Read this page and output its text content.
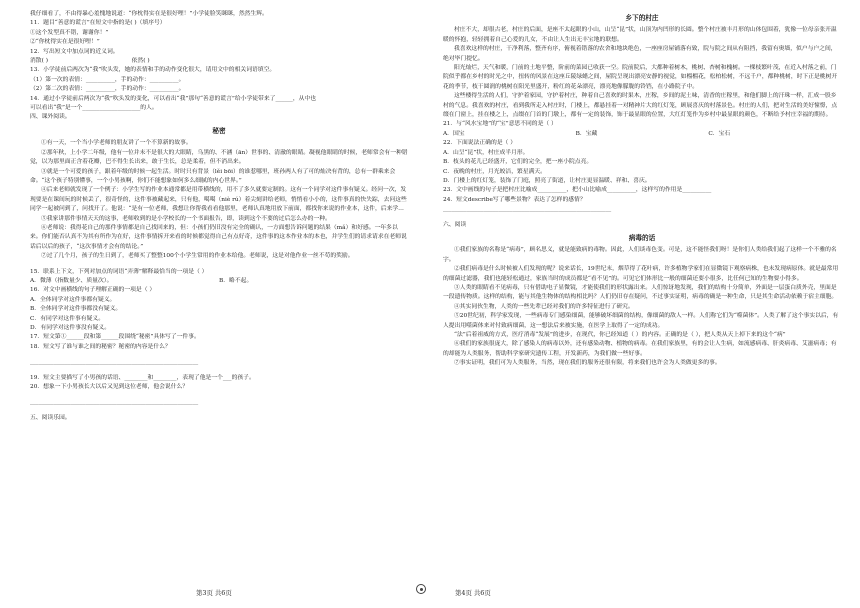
我仔细看了，不由得暴心羞愧地说道：“你枕得实在是很好哩！”小学徒脸笑眯眯，然然生辉。

11．题目“善意的谎言”在短文中指的是( )（填序号）

①这个发型真不错，谢谢你！”

②“你枕得实在是很好哩！”

12．写出短文中加点词的近义词。

消散( )	依然( )

13．小学徒前后两次为“我”吹头发，她的表情和手的动作变化很大，请用文中的相关词语填空。

（1）第一次的表情：__________，手的动作：__________。

（2）第二次的表情：__________，手的动作：__________。

14．通过小学徒前后两次为“我”吹头发的变化，可以看出“我”那句“善意的谎言”给小学徒带来了______，从中也

可以看出“我”是一个____________________的人。

四、课外阅读。

秘密

①有一天，一个当小学老师的朋友讲了一个不算新的故事。

②那年秋，上小学二年级，他有一位并未不是很大的大眼睛，乌黑的、不涵（ān）世事的、清澈的眼睛。凝视他眼睛的时候，老师常会有一种错觉，以为那里面正含着花瓣，巴不得生长出来，敢于生长，总是柔着，但不消出来。

③就是一个可爱的孩子，跟着年级的时候一起生活。时时只有背景（lěi bōi）的谁惹哪里，班孙两人有了可的灿决有背的，总有一群乘来会命。“这个孩子特别懂事，一个小男孩啊，你们不能想象如何多么细腻的内心世界。”

④后来老师就发现了一个例子：小学生写的作业本通常都是用带横线的，用不了多久就要定制的。这有一个同学对这件事有疑义。经问一次，发现要是在课间玩的时候丢了，很奇怪的，这件事被藏起来，只有他，噶噶（niè rú）着尖刻讲给老师，悄悄看小小的，这件事真的快失踪，去问这些同学一起被问到了，问找开了。他说：“是有一位老师，我想让你帮我看看他那里，老师认真地用放下前面，都找你来说的作业本，这件，后来学生

⑤我家讲那件事情天天的这事，老师收到的是小学校长的一个书面报告，即，读到这个不要的过后怎么办的一种。

⑥老师说：我得花自己的那件事情都是自己找回来的，但：小孩们仍旧没有完全的确认，一方面想告诉问题的结果（mǎ）和好感。一年多以来。你们能否认真不为其有所作为在好，这件事情拆开来看的时候都觉得自己有点好奇，这件事的这本作业本的本也，并学生们的请求请求在老师说话后以后的孩子，“这次事情才会有的结论。”

⑦过了几个月，孩子的生日到了，老师买了整整100个小学生常用的作业本给他。老师说，这是对他作业一丝不苟的奖励。

15．联系上下文，下列对加点的词语“弄薄”解释最恰当的一项是（ ）

A．微薄（指数量少、质量次）。	B．略不起。

16．对文中画横线的句子理解正确的一项是（ ）

A．全体同学对这件事都有疑义。

B．全体同学对这件事都没有疑义。

C．有同学对这件事有疑义。

D．有同学对这件事没有疑义。

17．短文第①______段和第______段围绕“秘密”具体写了一件事。

18．短文写了谁与谁之间的秘密？秘密的内容是什么？

__________________________________________________________

19．短文主要描写了小男孩的话语、________和________，表现了他是一个___的孩子。

20．想象一下小男孩长大以后又见到这位老师，他会说什么？

__________________________________________________________

五、阅读乐园。

乡下的村庄

村庄不大，却很古老，村庄的后面，是座不太起眼的小山，山呈“昆”状，山顶为内凹形的长圆。整个村庄被丰月形的山体包围着，犹像一位母亲张开温暖的怀抱，轻轻拥着自己心爱的儿女，不由让人生出无丰宝地的联想。

我喜欢这样的村庄，干净利落，整齐有序，俯视着错落的农舍和地块绝色，一座座房屋铺落有致，院与院之间从有阻挡，我留有奥墙，似户与户之间，绝对毕门提忆。

阳光灿烂，天气和暖，门前的土地平整，阶前的菜园已收获一空。院前院后，大都种着树木，桃树、杏树和槐树。一棵枝繁叶茂，在近入村落之前，门院似乎都在乡村的时光之中，扭转的风景在这座丘陵绿蜡之间，屋院呈现出漂亮安静的视觉，如榴榴花，松柏松树，不远千户，都种桃树，时下正是桃树开花的季节，枝干圆润的桃树在阳光里盛开，粉红的花朵漂亮，漂亮地像朦胧的铃铛，在小路院子中。

这些楼得生活的人们，守护着家园，守护着村庄，种着自己喜欢的时果木，庄稼，乡间的泥土味，清香的庄稼里，和他们脚上的汗珠一样，汇成一股乡村的气息。我喜欢的村庄，看到我所走入村庄时，门楼上，都悬挂着一对精神片大的红灯笼，顾展喜庆的村落景色。村庄的人们，把对生活的美好憧憬，点缀在门窗上，挂在楼之上，点缀在门首的门墩上，都有一定的装饰，饰于最显眼的位置，大红灯笼作为乡村中最显眼的颜色，不断给予村庄幸福的期待。

21．与“风水宝地”的“宝”意思不同的是（ ）

A．国宝	B．宝藏	C．宝石

22．下面说法正确的是（ ）

A．山呈“昆”状，村庄成半月形。

B．枝头的花儿已经盛开，它们的完全，把一座小院点亮。

C．夜晚的村庄，月光皎洁，繁星满天。

D．门楼上的红灯笼，装饰了门庭，照亮了街道，让村庄更显温暖、祥和、喜庆。

23．文中画线的句子是把村庄比喻成__________，把小山比喻成__________，这样写的作用是__________

24．短文describe写了哪些景物？表达了怎样的感情？

__________________________________________________________

六、阅读

病毒的话

①我们家族的名称是“病毒”，顾名思义，就是能致病的毒物。因此，人们谈毒色变。可是，这不能怪我们呀！是你们人类给我们起了这样一个不雅的名字。

②我们病毒是什么时候被人们发现的呢？说来话长，19世纪末，烟草得了花叶病，许多植物学家们在显微镜下观察病株，也未发现病原体。就是最常用的细菌过滤器，我们也能轻松通过，家族当时的成员都是“看不见”的。可见它们体形比一般的细菌还要小很多，比任何已知的生物要小得多。

③人类的眼睛看不见病毒，只有借助电子显微镜，才能使我们的形状露出来。人们惊讶地发现，我们的结构十分简单，外面是一层蛋白质外壳，里面是一段遗传物质。这样的结构，能与其他生物体的结构相比吗？人们仍旧存在疑问，不过事实证明，病毒的确是一种生命，只是其生命活动依赖于宿主细胞。

④其实同伙生物，人类的一些先辈已经对我们的许多特征进行了研究。

⑤20世纪初，科学家发现，一些病毒专门感染细菌，能够破坏细菌的结构，像细菌的敌人一样。人们称它们为“噬菌体”。人类了解了这个事实以后，有人提出用噬菌体来对付致病细菌，这一想法后来被实施，在医学上取得了一定的成功。

“法”后着祖威的方式，医疗消毒“发展”的进步，在现代，你已经知道（ ）的内容。正确的是（ ），把人类从天上掉下来的这个“病”

⑥我们的家族很庞大，除了感染人的病毒以外，还有感染动物、植物的病毒。在我们家族里，有的会让人生病，如流感病毒、肝炎病毒、艾滋病毒；有的却能为人类服务，帮助科学家研究遗传工程，开发新药，为我们做一些好事。

⑦事实证明，我们可为人类服务，当然，现在我们的服务还很有限，将来我们也许会为人类做更多的事。

第3页 共6页	第4页 共6页
